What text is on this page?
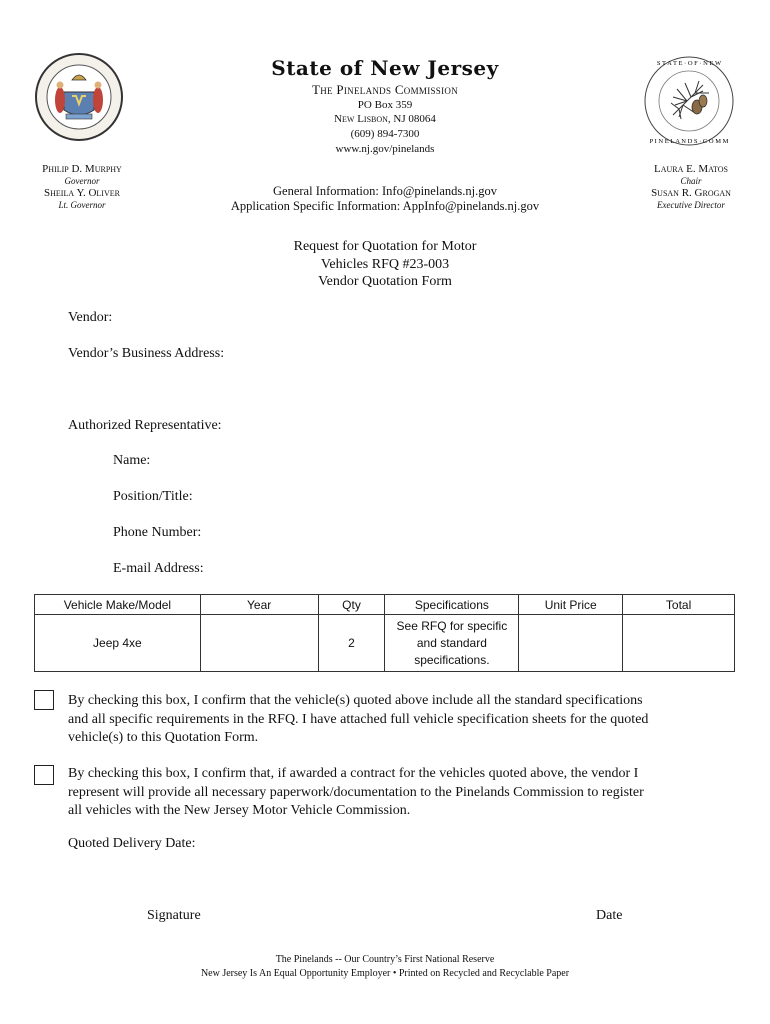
S T A T E · O F · N E W
P I N E L A N D S · C O M M
State of New Jersey
The Pinelands Commission
PO Box 359
New Lisbon, NJ 08064
(609) 894-7300
www.nj.gov/pinelands
General Information: Info@pinelands.nj.gov
Application Specific Information: AppInfo@pinelands.nj.gov
Philip D. Murphy
Governor
Sheila Y. Oliver
Lt. Governor
Laura E. Matos
Chair
Susan R. Grogan
Executive Director
Request for Quotation for Motor
Vehicles RFQ #23-003
Vendor Quotation Form
Vendor:
Vendor’s Business Address:
Authorized Representative:
Name:
Position/Title:
Phone Number:
E-mail Address:
Vehicle Make/Model	Year	Qty	Specifications	Unit Price	Total
Jeep 4xe		2	See RFQ for specific
and standard
specifications.		

By checking this box, I confirm that the vehicle(s) quoted above include all the standard specifications
and all specific requirements in the RFQ. I have attached full vehicle specification sheets for the quoted
vehicle(s) to this Quotation Form.
By checking this box, I confirm that, if awarded a contract for the vehicles quoted above, the vendor I
represent will provide all necessary paperwork/documentation to the Pinelands Commission to register
all vehicles with the New Jersey Motor Vehicle Commission.
Quoted Delivery Date:
Signature	Date
The Pinelands -- Our Country’s First National Reserve
New Jersey Is An Equal Opportunity Employer • Printed on Recycled and Recyclable Paper
